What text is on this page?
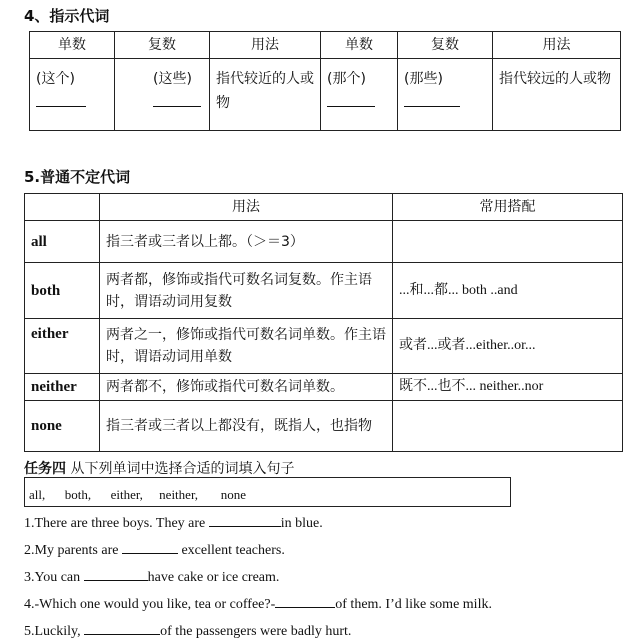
4、指示代词
单数	复数	用法	单数	复数	用法

(这个)	(这些)	指代较近的人或物	(那个)	(那些)	指代较远的人或物
5.普通不定代词
	用法	常用搭配
all	指三者或三者以上都。（＞＝3）	
both	两者都，修饰或指代可数名词复数。作主语时，谓语动词用复数	...和...都... both ..and
either	两者之一，修饰或指代可数名词单数。作主语时，谓语动词用单数	或者...或者...either..or...
neither	两者都不，修饰或指代可数名词单数。	既不...也不... neither..nor
none	指三者或三者以上都没有，既指人，也指物	
任务四 从下列单词中选择合适的词填入句子
all,      both,      either,     neither,       none
1.There are three boys. They are	in blue.
2.My parents are	excellent teachers.
3.You can	have cake or ice cream.
4.-Which one would you like, tea or coffee?-	of them. I’d like some milk.
5.Luckily,	of the passengers were badly hurt.
